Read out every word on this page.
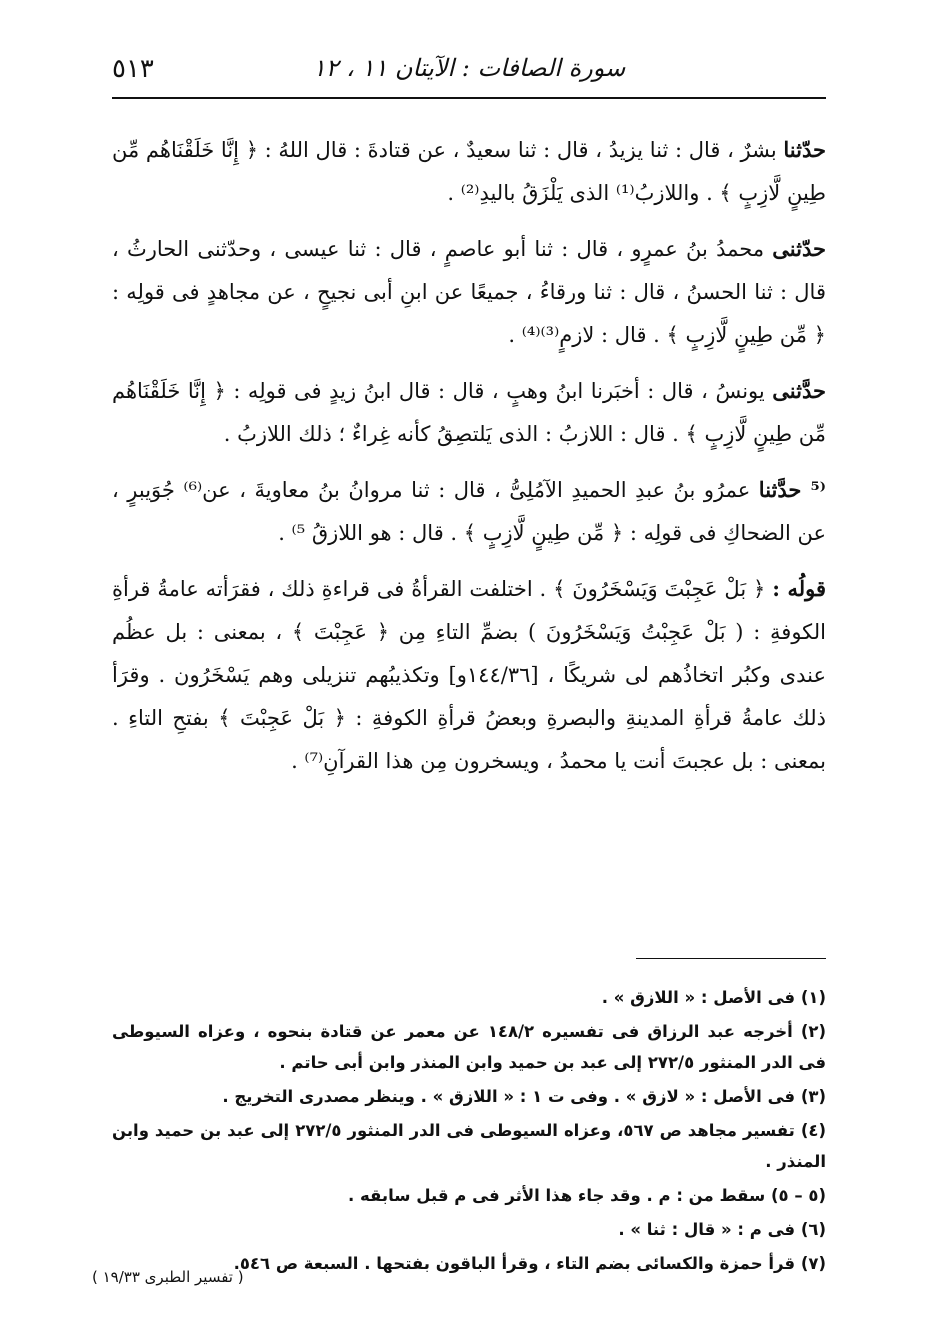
٥١٣	سورة الصافات : الآيتان ١١ ، ١٢

حدّثنا بشرٌ ، قال : ثنا يزيدُ ، قال : ثنا سعيدٌ ، عن قتادةَ : قال اللهُ : ﴿ إِنَّا خَلَقْنَاهُم مِّن طِينٍ لَّازِبٍ ﴾ . واللازبُ⁽¹⁾ الذى يَلْزَقُ باليدِ⁽²⁾ .

حدّثنى محمدُ بنُ عمرٍو ، قال : ثنا أبو عاصمٍ ، قال : ثنا عيسى ، وحدّثنى الحارثُ ، قال : ثنا الحسنُ ، قال : ثنا ورقاءُ ، جميعًا عن ابنِ أبى نجيحٍ ، عن مجاهدٍ فى قولِه : ﴿ مِّن طِينٍ لَّازِبٍ ﴾ . قال : لازمٍ⁽³⁾⁽⁴⁾ .

حدَّثنى يونسُ ، قال : أخبَرنا ابنُ وهبٍ ، قال : قال ابنُ زيدٍ فى قولِه : ﴿ إِنَّا خَلَقْنَاهُم مِّن طِينٍ لَّازِبٍ ﴾ . قال : اللازبُ : الذى يَلتصِقُ كأنه غِراءٌ ؛ ذلك اللازبُ .

⁽⁵ حدَّثنا عمرُو بنُ عبدِ الحميدِ الآمُلِىُّ ، قال : ثنا مروانُ بنُ معاويةَ ، عن⁽⁶⁾ جُوَيبرٍ ، عن الضحاكِ فى قولِه : ﴿ مِّن طِينٍ لَّازِبٍ ﴾ . قال : هو اللازقُ ⁵⁾ .

قولُه : ﴿ بَلْ عَجِبْتَ وَيَسْخَرُونَ ﴾ . اختلفت القرأةُ فى قراءةِ ذلك ، فقرَأته عامةُ قرأةِ الكوفةِ : ( بَلْ عَجِبْتُ وَيَسْخَرُونَ ) بضمِّ التاءِ مِن ﴿ عَجِبْتَ ﴾ ، بمعنى : بل عظُم عندى وكبُر اتخاذُهم لى شريكًا ، [١٤٤/٣٦و] وتكذيبُهم تنزيلى وهم يَسْخَرُون . وقرَأ ذلك عامةُ قرأةِ المدينةِ والبصرةِ وبعضُ قرأةِ الكوفةِ : ﴿ بَلْ عَجِبْتَ ﴾ بفتحِ التاءِ . بمعنى : بل عجبتَ أنت يا محمدُ ، ويسخرون مِن هذا القرآنِ⁽⁷⁾ .

(١) فى الأصل : « اللازق » .

(٢) أخرجه عبد الرزاق فى تفسيره ١٤٨/٢ عن معمر عن قتادة بنحوه ، وعزاه السيوطى فى الدر المنثور ٢٧٢/٥ إلى عبد بن حميد وابن المنذر وابن أبى حاتم .

(٣) فى الأصل : « لازق » . وفى ت ١ : « اللازق » . وينظر مصدرى التخريج .

(٤) تفسير مجاهد ص ٥٦٧، وعزاه السيوطى فى الدر المنثور ٢٧٢/٥ إلى عبد بن حميد وابن المنذر .

(٥ – ٥) سقط من : م . وقد جاء هذا الأثر فى م قبل سابقه .

(٦) فى م : « قال : ثنا » .

(٧) قرأ حمزة والكسائى بضم التاء ، وقرأ الباقون بفتحها . السبعة ص ٥٤٦.

( تفسير الطبرى ١٩/٣٣ )
